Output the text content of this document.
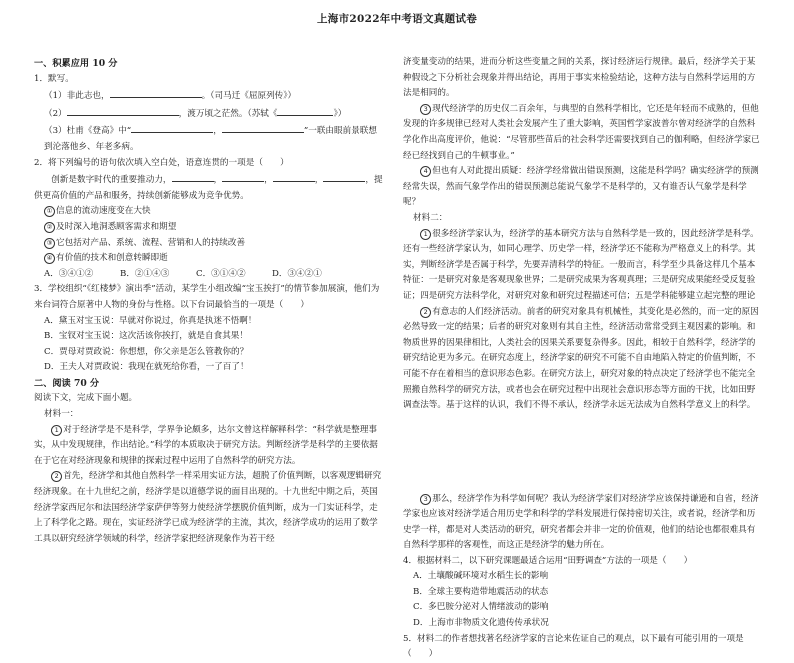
上海市2022年中考语文真题试卷

一、积累应用 10 分

1．默写。

（1）非此志也，	。（司马迁《屈原列传》）

（2）	，渡万顷之茫然。（苏轼《	》）

（3）杜甫《登高》中“	，	”一联由眼前景联想到沦落他乡、年老多病。

2．将下列编号的语句依次填入空白处，语意连贯的一项是（　　）

创新是数字时代的重要推动力，	，	，	，	，提供更高价值的产品和服务，持续创新能够成为竞争优势。

① 信息的流动速度变在大快

② 及时深入地洞悉顾客需求和期望

③ 它包括对产品、系统、流程、营销和人的持续改善

④ 有价值的技术和创意转瞬即逝

A．③④①②	B．②①④③	C．③①④②	D．③④②①

3．学校组织“《红楼梦》演出季”活动，某学生小组改编“宝玉挨打”的情节参加展演，他们为来台词符合原著中人物的身份与性格。以下台词最恰当的一项是（　　）

A．黛玉对宝玉说：早就对你说过，你真是执迷不悟啊！

B．宝钗对宝玉说：这次活该你挨打，就是自食其果！

C．贾母对贾政说：你想想，你父亲是怎么管教你的？

D．王夫人对贾政说：我现在就死给你看，一了百了！

二、阅读 70 分

阅读下文，完成下面小题。

材料一：

1 对于经济学是不是科学，学界争论颇多，达尔文曾这样解释科学：“科学就是整理事实，从中发现规律，作出结论。”科学的本质取决于研究方法。判断经济学是科学的主要依据在于它在对经济现象和规律的探索过程中运用了自然科学的研究方法。

2 首先，经济学和其他自然科学一样采用实证方法，超脱了价值判断，以客观逻辑研究经济现象。在十九世纪之前，经济学是以道德学说的面目出现的。十九世纪中期之后，英国经济学家西尼尔和法国经济学家萨伊等努力使经济学摆脱价值判断，成为一门实证科学，走上了科学化之路。现在，实证经济学已成为经济学的主流，其次，经济学成功的运用了数学工具以研究经济学领域的科学，经济学家把经济现象作为若干经

济变量变动的结果，进而分析这些变量之间的关系，探讨经济运行规律。最后，经济学关于某种假设之下分析社会现象并得出结论，再用于事实来检验结论，这种方法与自然科学运用的方法是相同的。

3 现代经济学的历史仅二百余年，与典型的自然科学相比，它还是年轻而不成熟的，但他发现的许多规律已经对人类社会发展产生了重大影响，英国哲学家波普尔曾对经济学的自然科学化作出高度评价，他说：“尽管那些苗后的社会科学还需要找到自己的伽利略，但经济学家已经已经找到自己的牛顿事业。”

4 但也有人对此提出质疑：经济学经常做出错误预测，这能是科学吗？确实经济学的预测经常失误，然而气象学作出的错误预测总能说气象学不是科学的，又有谁否认气象学是科学呢？

材料二：

1 很多经济学家认为，经济学的基本研究方法与自然科学是一致的，因此经济学是科学。还有一些经济学家认为，如同心理学、历史学一样，经济学还不能称为严格意义上的科学。其实，判断经济学是否属于科学，先要弄清科学的特征。一般而言，科学至少具备这样几个基本特征：一是研究对象是客观现象世界；二是研究成果为客观真理；三是研究成果能经受反复验证；四是研究方法科学化，对研究对象和研究过程描述可信；五是学科能够建立起完整的理论

2 有意志的人们经济活动。前者的研究对象具有机械性，其变化是必然的，而一定的原因必然导致一定的结果；后者的研究对象则有其自主性，经济活动常常受到主观因素的影响。和物质世界的因果律相比，人类社会的因果关系要复杂得多。因此，相较于自然科学，经济学的研究结论更为多元。在研究态度上，经济学家的研究不可能不自由地陷入特定的价值判断，不可能不存在着相当的意识形态色彩。在研究方法上，研究对象的特点决定了经济学也不能完全照搬自然科学的研究方法，或者也会在研究过程中出现社会意识形态等方面的干扰，比如田野调查法等。基于这样的认识，我们不得不承认，经济学永远无法成为自然科学意义上的科学。

3 那么，经济学作为科学如何呢？我认为经济学家们对经济学应该保持谦逊和自省，经济学家也应该对经济学适合用历史学和科学的学科发展进行保持密切关注，或者说，经济学和历史学一样，都是对人类活动的研究，研究者都会并非一定的价值观，他们的结论也都很难具有自然科学那样的客观性，而这正是经济学的魅力所在。

4．根据材料二，以下研究课题最适合运用“田野调查”方法的一项是（　　）

A．土壤酸碱环境对水稻生长的影响

B．全球主要构造带地震活动的状态

C．多巴胺分泌对人情绪波动的影响

D．上海市非物质文化遗传传承状况

5．材料二的作者想找著名经济学家的言论来佐证自己的观点，以下最有可能引用的一项是（　　）
